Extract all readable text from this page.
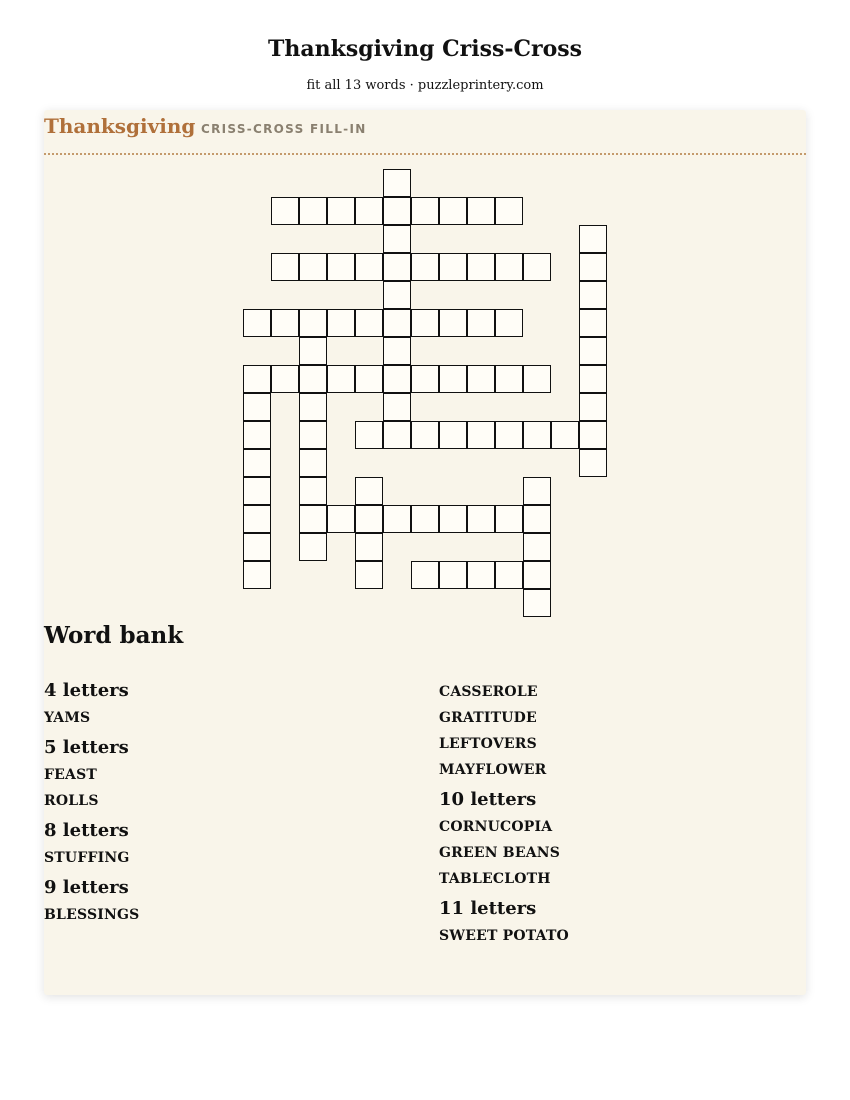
Thanksgiving Criss-Cross

fit all 13 words · puzzleprintery.com

Thanksgiving CRISS-CROSS FILL-IN
Word bank
4 letters
YAMS
5 letters
FEAST
ROLLS
8 letters
STUFFING
9 letters
BLESSINGS
CASSEROLE
GRATITUDE
LEFTOVERS
MAYFLOWER
10 letters
CORNUCOPIA
GREEN BEANS
TABLECLOTH
11 letters
SWEET POTATO
